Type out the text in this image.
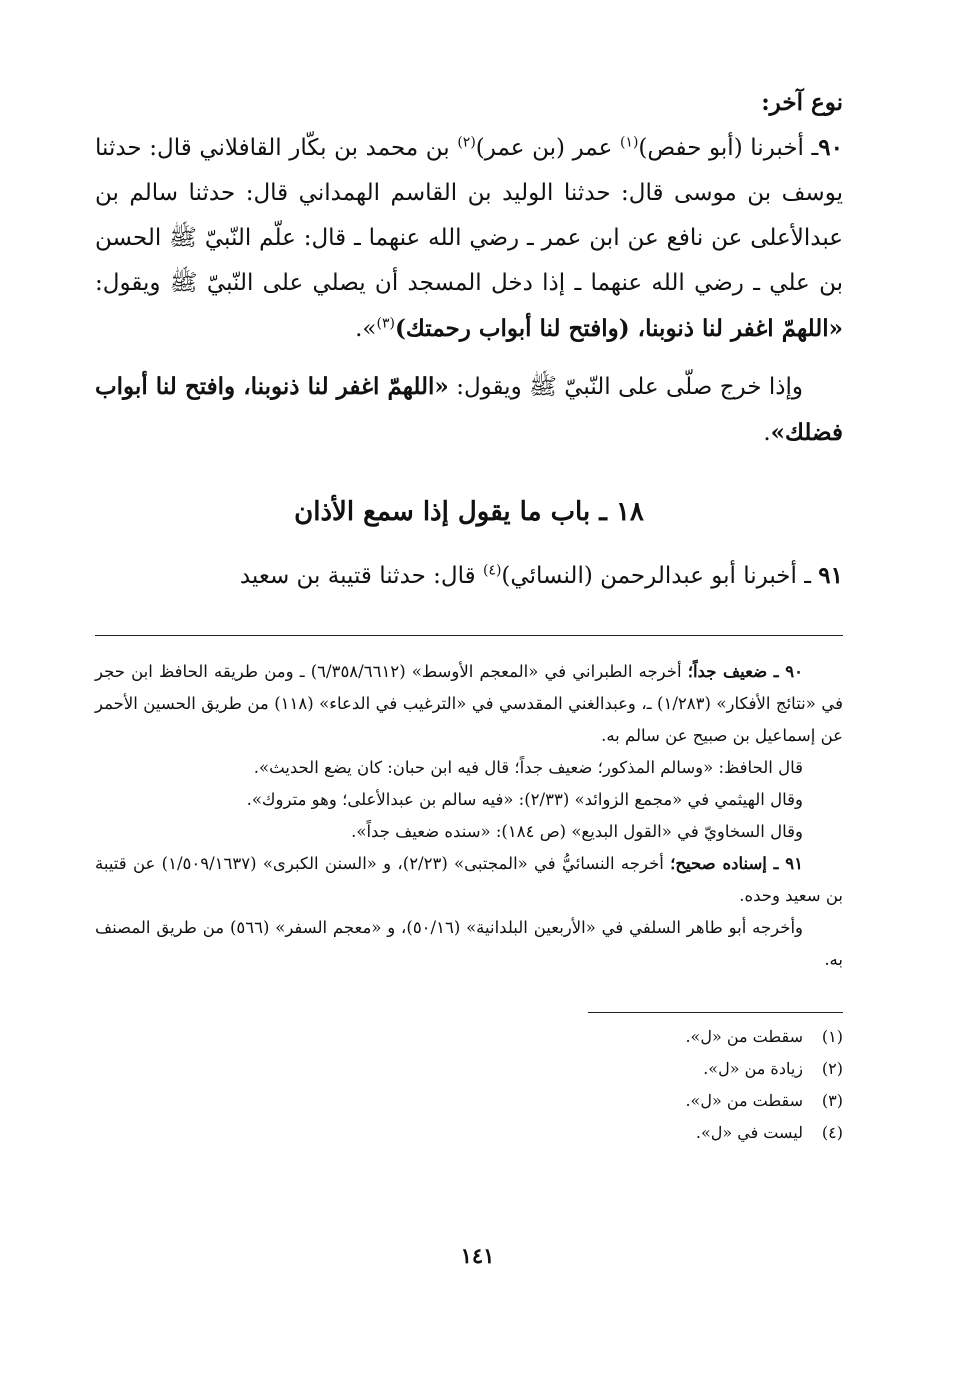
نوع آخر:

٩٠ـ أخبرنا (أبو حفص)$^{(١)}$ عمر (بن عمر)$^{(٢)}$ بن محمد بن بكّار القافلاني قال: حدثنا يوسف بن موسى قال: حدثنا الوليد بن القاسم الهمداني قال: حدثنا سالم بن عبدالأعلى عن نافع عن ابن عمر ـ رضي الله عنهما ـ قال: علّم النّبيّ ﷺ الحسن بن علي ـ رضي الله عنهما ـ إذا دخل المسجد أن يصلي على النّبيّ ﷺ ويقول: «اللهمّ اغفر لنا ذنوبنا، (وافتح لنا أبواب رحمتك)$^{(٣)}$».

وإذا خرج صلّى على النّبيّ ﷺ ويقول: «اللهمّ اغفر لنا ذنوبنا، وافتح لنا أبواب فضلك».

١٨ ـ باب ما يقول إذا سمع الأذان

٩١ ـ أخبرنا أبو عبدالرحمن (النسائي)$^{(٤)}$ قال: حدثنا قتيبة بن سعيد

٩٠ ـ ضعيف جداً؛ أخرجه الطبراني في «المعجم الأوسط» (٦/٣٥٨/٦٦١٢) ـ ومن طريقه الحافظ ابن حجر في «نتائج الأفكار» (١/٢٨٣) ـ، وعبدالغني المقدسي في «الترغيب في الدعاء» (١١٨) من طريق الحسين الأحمر عن إسماعيل بن صبيح عن سالم به.

قال الحافظ: «وسالم المذكور؛ ضعيف جداً؛ قال فيه ابن حبان: كان يضع الحديث».

وقال الهيثمي في «مجمع الزوائد» (٢/٣٣): «فيه سالم بن عبدالأعلى؛ وهو متروك».

وقال السخاويّ في «القول البديع» (ص ١٨٤): «سنده ضعيف جداً».

٩١ ـ إسناده صحيح؛ أخرجه النسائيُّ في «المجتبى» (٢/٢٣)، و «السنن الكبرى» (١/٥٠٩/١٦٣٧) عن قتيبة بن سعيد وحده.

وأخرجه أبو طاهر السلفي في «الأربعين البلدانية» (٥٠/١٦)، و «معجم السفر» (٥٦٦) من طريق المصنف به.

(١)سقطت من «ل».
(٢)زيادة من «ل».
(٣)سقطت من «ل».
(٤)ليست في «ل».
١٤١
